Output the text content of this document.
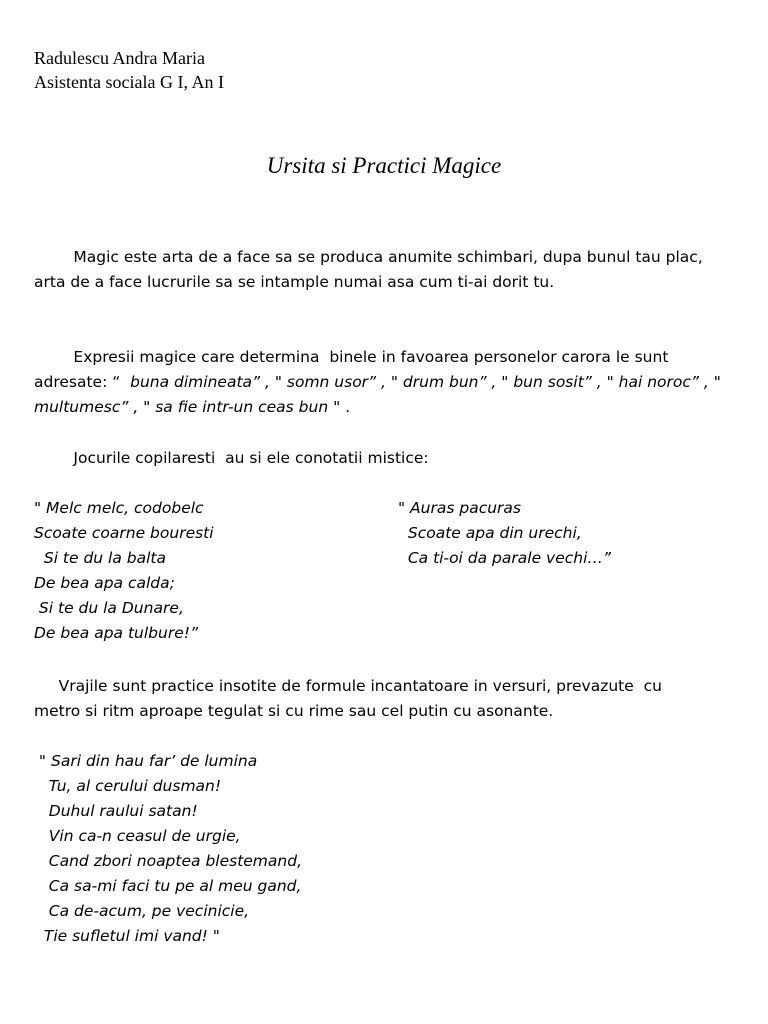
Radulescu Andra Maria
Asistenta sociala G I, An I
Ursita si Practici Magice
Magic este arta de a face sa se produca anumite schimbari, dupa bunul tau plac,
arta de a face lucrurile sa se intample numai asa cum ti-ai dorit tu.
Expresii magice care determina  binele in favoarea personelor carora le sunt
adresate: “  buna dimineata” , " somn usor” , " drum bun” , " bun sosit” , " hai noroc” , "
multumesc” , " sa fie intr-un ceas bun " .
Jocurile copilaresti  au si ele conotatii mistice:
" Melc melc, codobelc
Scoate coarne bouresti
Si te du la balta
De bea apa calda;
Si te du la Dunare,
De bea apa tulbure!”
" Auras pacuras
Scoate apa din urechi,
Ca ti-oi da parale vechi…”
Vrajile sunt practice insotite de formule incantatoare in versuri, prevazute  cu
metro si ritm aproape tegulat si cu rime sau cel putin cu asonante.
" Sari din hau far’ de lumina
Tu, al cerului dusman!
Duhul raului satan!
Vin ca-n ceasul de urgie,
Cand zbori noaptea blestemand,
Ca sa-mi faci tu pe al meu gand,
Ca de-acum, pe vecinicie,
Tie sufletul imi vand! "
